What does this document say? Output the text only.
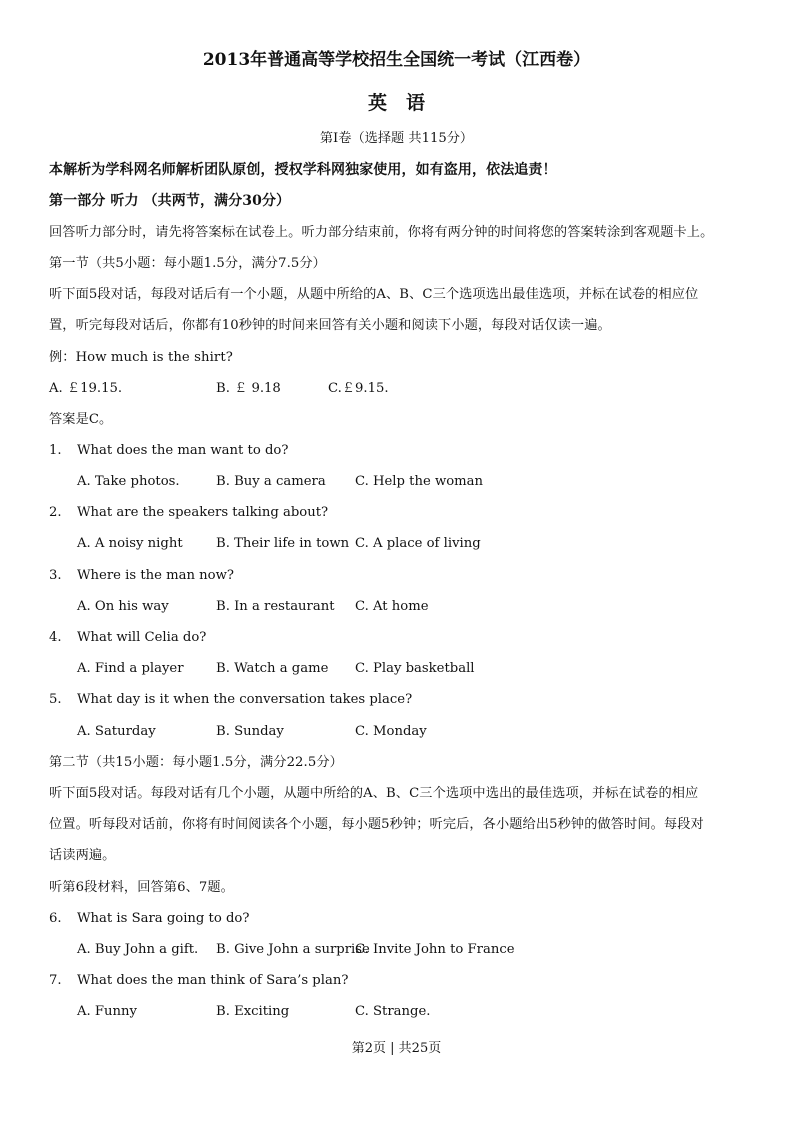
2013年普通高等学校招生全国统一考试（江西卷）
英　语
第Ⅰ卷（选择题 共115分）
本解析为学科网名师解析团队原创，授权学科网独家使用，如有盗用，依法追责！
第一部分 听力 （共两节，满分30分）
回答听力部分时，请先将答案标在试卷上。听力部分结束前，你将有两分钟的时间将您的答案转涂到客观题卡上。
第一节（共5小题：每小题1.5分，满分7.5分）
听下面5段对话，每段对话后有一个小题，从题中所给的A、B、C三个选项选出最佳选项，并标在试卷的相应位
置，听完每段对话后，你都有10秒钟的时间来回答有关小题和阅读下小题，每段对话仅读一遍。
例：How much is the shirt?
A. ￡19.15.	B. ￡ 9.18	C.￡9.15.
答案是C。
1. What does the man want to do?
A. Take photos.	B. Buy a camera C. Help the woman
2. What are the speakers talking about?
A. A noisy night	B. Their life in town C. A place of living
3. Where is the man now?
A. On his way	B. In a restaurant C. At home
4. What will Celia do?
A. Find a player B. Watch a game C. Play basketball
5. What day is it when the conversation takes place?
A. Saturday	B. Sunday	C. Monday
第二节（共15小题：每小题1.5分，满分22.5分）
听下面5段对话。每段对话有几个小题，从题中所给的A、B、C三个选项中选出的最佳选项，并标在试卷的相应
位置。听每段对话前，你将有时间阅读各个小题，每小题5秒钟；听完后，各小题给出5秒钟的做答时间。每段对
话读两遍。
听第6段材料，回答第6、7题。
6. What is Sara going to do?
A. Buy John a gift. B. Give John a surprise
C. Invite John to France
7. What does the man think of Sara’s plan?
A. Funny	B. Exciting	C. Strange.
第2页 | 共25页
